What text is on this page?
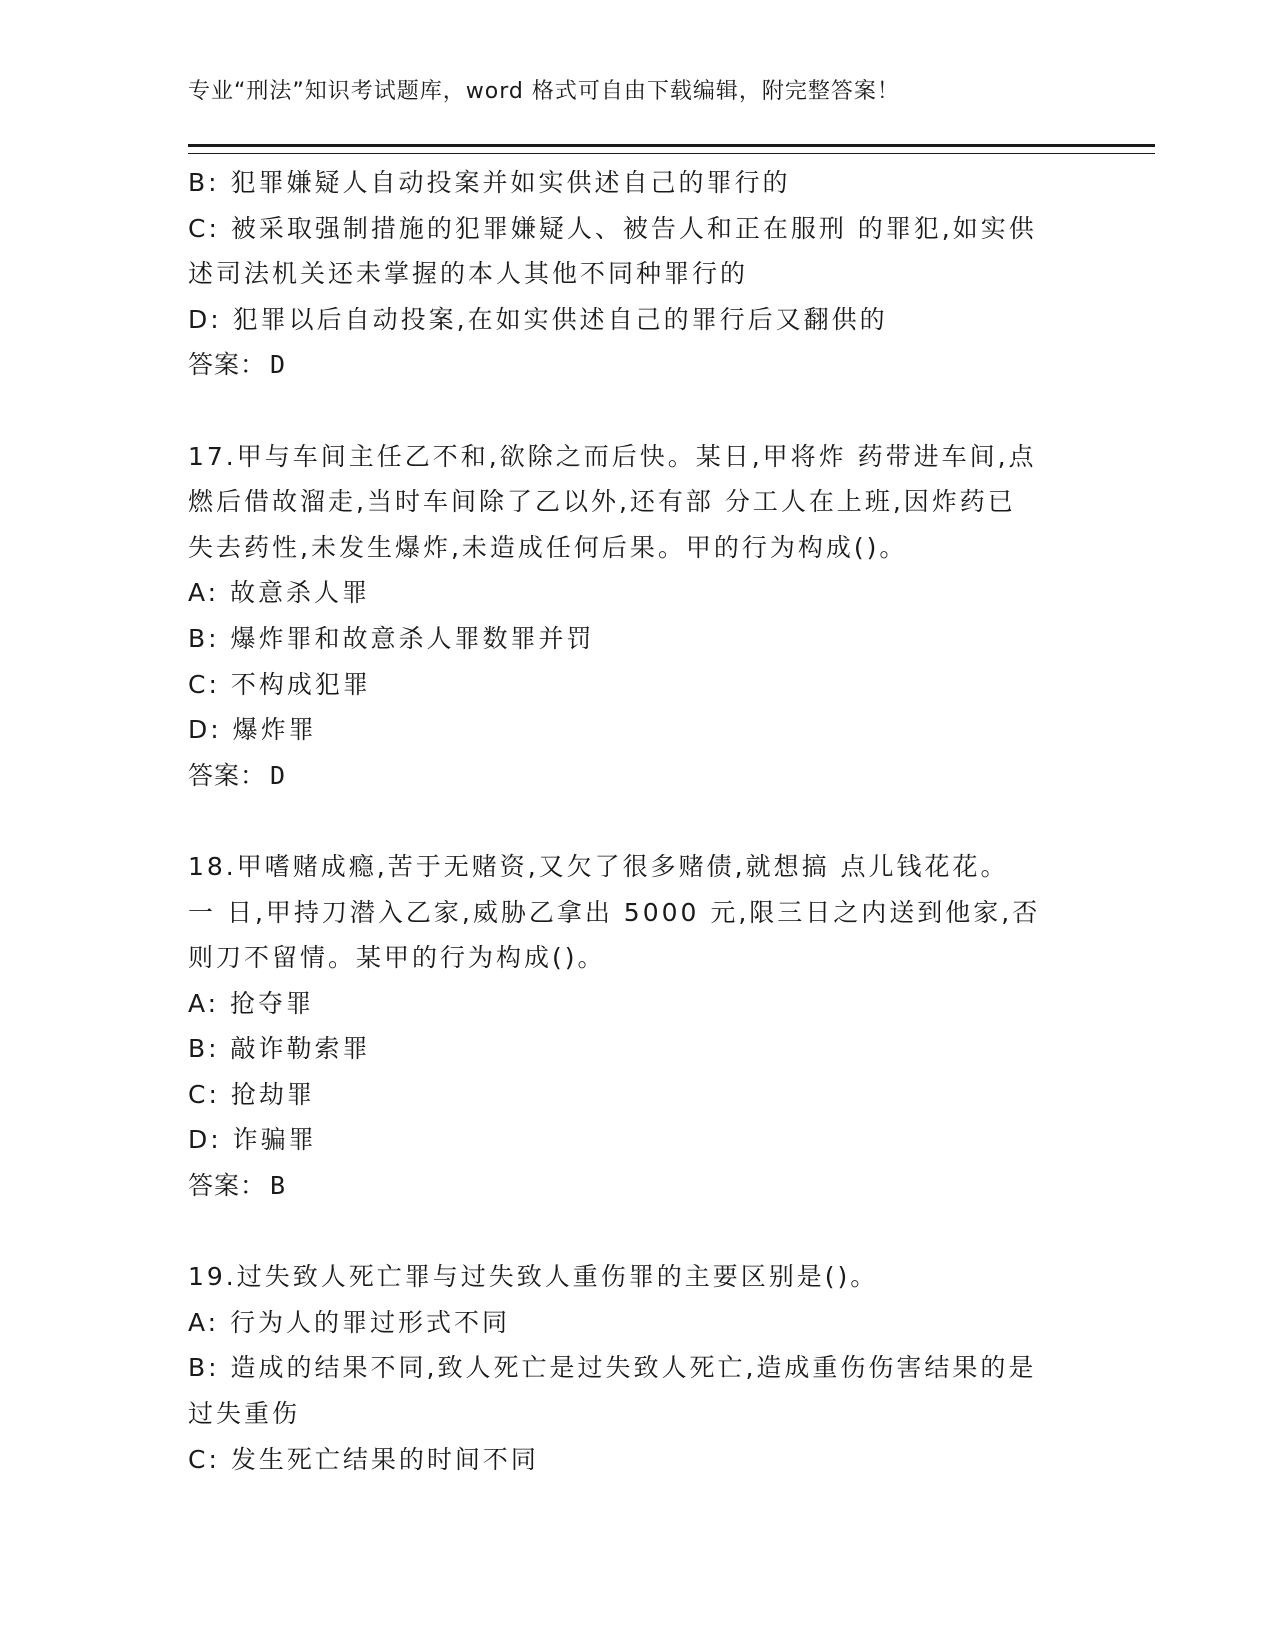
专业“刑法”知识考试题库，word 格式可自由下载编辑，附完整答案！
B: 犯罪嫌疑人自动投案并如实供述自己的罪行的
C: 被采取强制措施的犯罪嫌疑人、被告人和正在服刑 的罪犯,如实供
述司法机关还未掌握的本人其他不同种罪行的
D: 犯罪以后自动投案,在如实供述自己的罪行后又翻供的
答案： D
17.甲与车间主任乙不和,欲除之而后快。某日,甲将炸 药带进车间,点
燃后借故溜走,当时车间除了乙以外,还有部 分工人在上班,因炸药已
失去药性,未发生爆炸,未造成任何后果。甲的行为构成()。
A: 故意杀人罪
B: 爆炸罪和故意杀人罪数罪并罚
C: 不构成犯罪
D: 爆炸罪
答案： D
18.甲嗜赌成瘾,苦于无赌资,又欠了很多赌债,就想搞 点儿钱花花。
一 日,甲持刀潜入乙家,威胁乙拿出 5000 元,限三日之内送到他家,否
则刀不留情。某甲的行为构成()。
A: 抢夺罪
B: 敲诈勒索罪
C: 抢劫罪
D: 诈骗罪
答案： B
19.过失致人死亡罪与过失致人重伤罪的主要区别是()。
A: 行为人的罪过形式不同
B: 造成的结果不同,致人死亡是过失致人死亡,造成重伤伤害结果的是
过失重伤
C: 发生死亡结果的时间不同
